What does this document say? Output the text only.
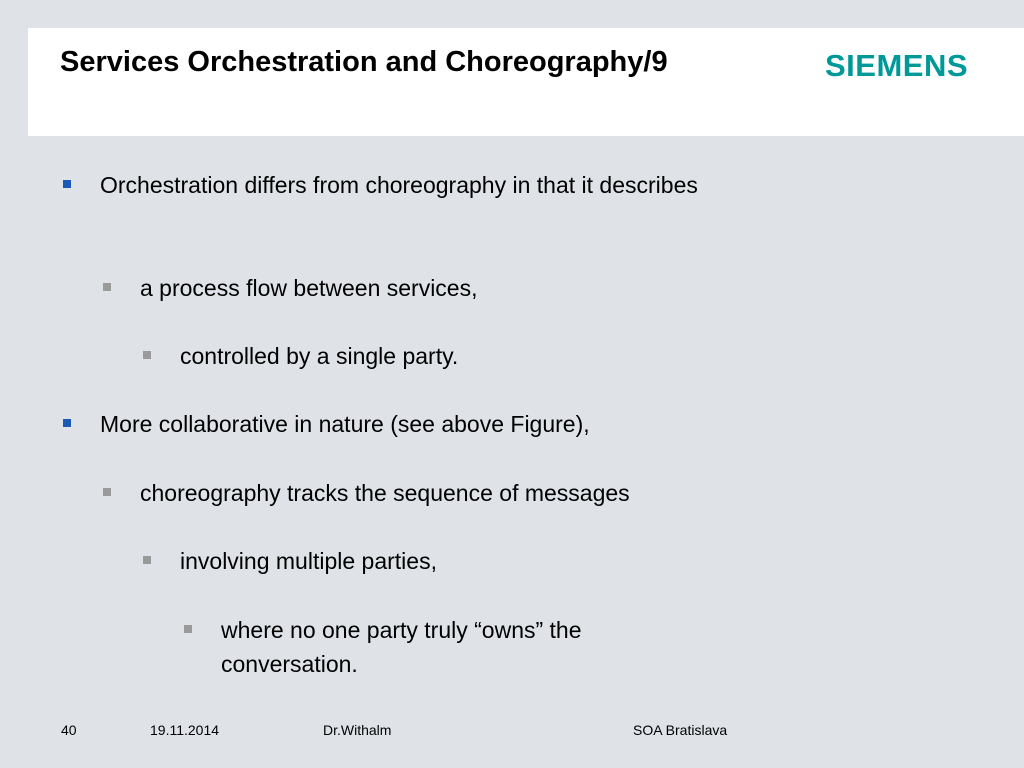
Services Orchestration and Choreography/9	SIEMENS
Orchestration differs from choreography in that it describes
a process flow between services,
controlled by a single party.
More collaborative in nature (see above Figure),
choreography tracks the sequence of messages
involving multiple parties,
where no one party truly “owns” the conversation.
40	19.11.2014	Dr.Withalm	SOA Bratislava
